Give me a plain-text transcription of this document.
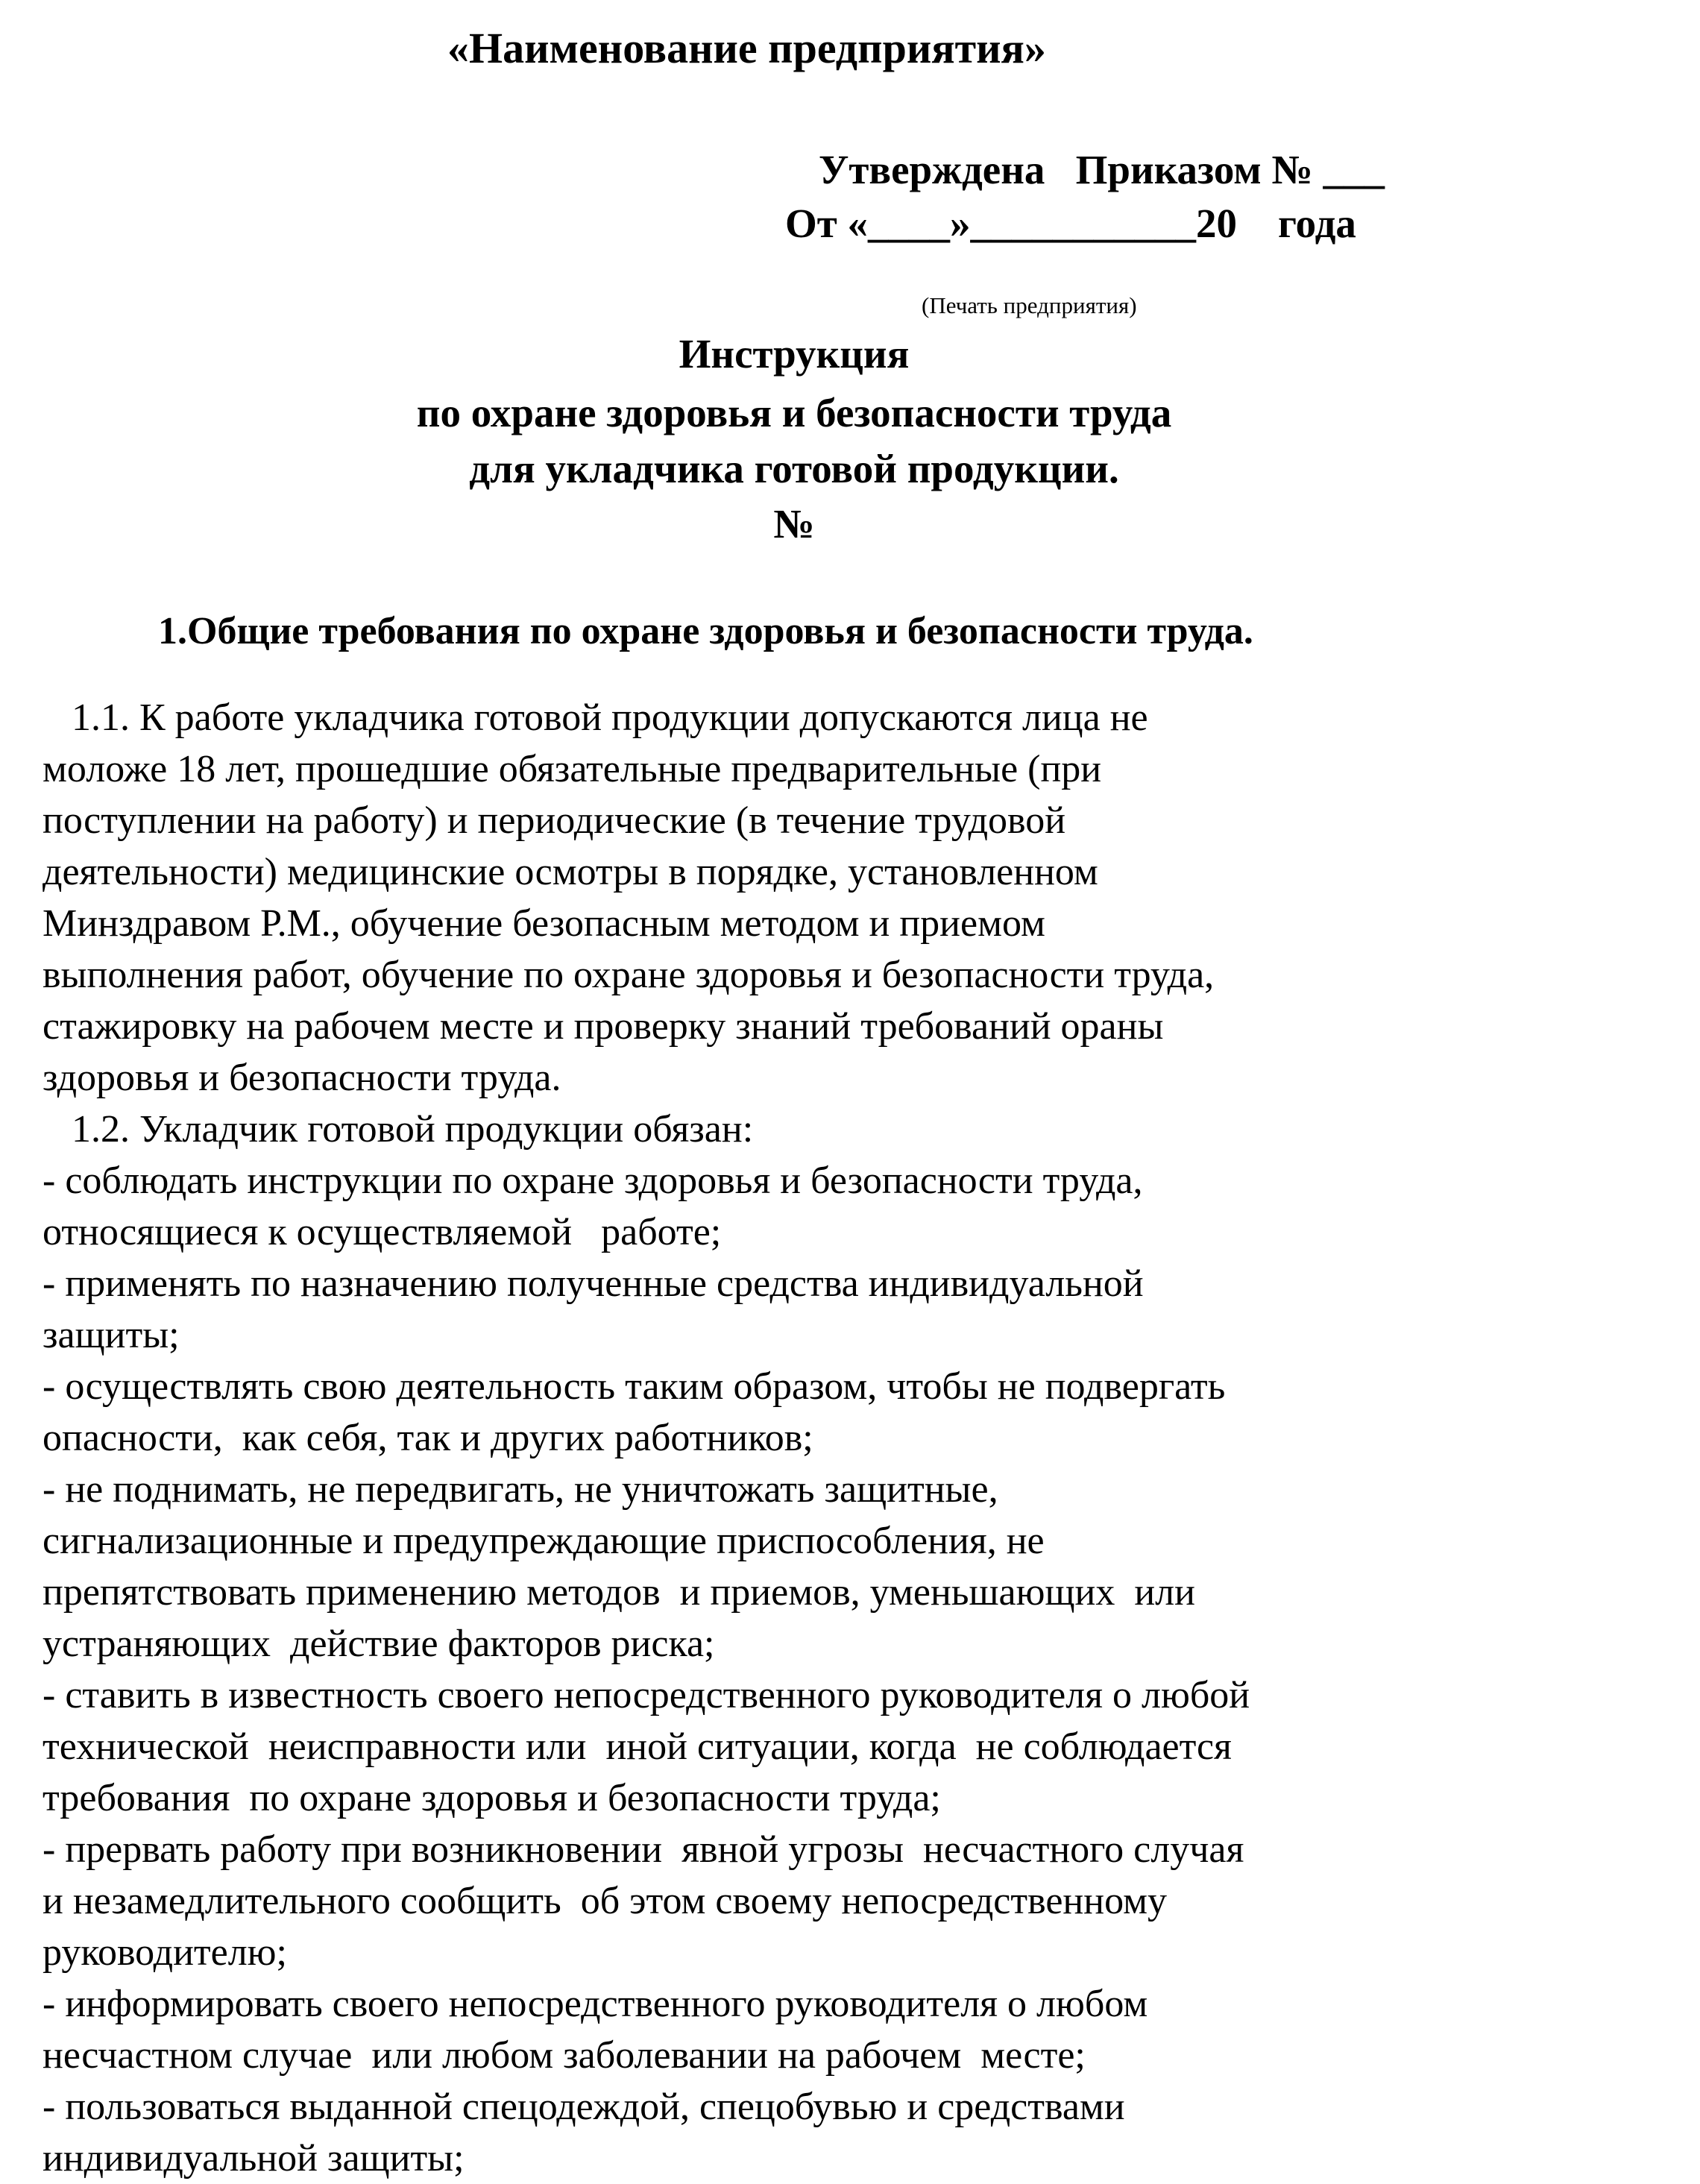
«Наименование предприятия»
Утверждена   Приказом № ___
От «____»___________20    года
(Печать предприятия)
Инструкция
по охране здоровья и безопасности труда
для укладчика готовой продукции.
№
1.Общие требования по охране здоровья и безопасности труда.
1.1. К работе укладчика готовой продукции допускаются лица не
моложе 18 лет, прошедшие обязательные предварительные (при
поступлении на работу) и периодические (в течение трудовой
деятельности) медицинские осмотры в порядке, установленном
Минздравом Р.М., обучение безопасным методом и приемом
выполнения работ, обучение по охране здоровья и безопасности труда,
стажировку на рабочем месте и проверку знаний требований ораны
здоровья и безопасности труда.
1.2. Укладчик готовой продукции обязан:
- соблюдать инструкции по охране здоровья и безопасности труда,
относящиеся к осуществляемой   работе;
- применять по назначению полученные средства индивидуальной
защиты;
- осуществлять свою деятельность таким образом, чтобы не подвергать
опасности,  как себя, так и других работников;
- не поднимать, не передвигать, не уничтожать защитные,
сигнализационные и предупреждающие приспособления, не
препятствовать применению методов  и приемов, уменьшающих  или
устраняющих  действие факторов риска;
- ставить в известность своего непосредственного руководителя о любой
технической  неисправности или  иной ситуации, когда  не соблюдается
требования  по охране здоровья и безопасности труда;
- прервать работу при возникновении  явной угрозы  несчастного случая
и незамедлительного сообщить  об этом своему непосредственному
руководителю;
- информировать своего непосредственного руководителя о любом
несчастном случае  или любом заболевании на рабочем  месте;
- пользоваться выданной спецодеждой, спецобувью и средствами
индивидуальной защиты;
